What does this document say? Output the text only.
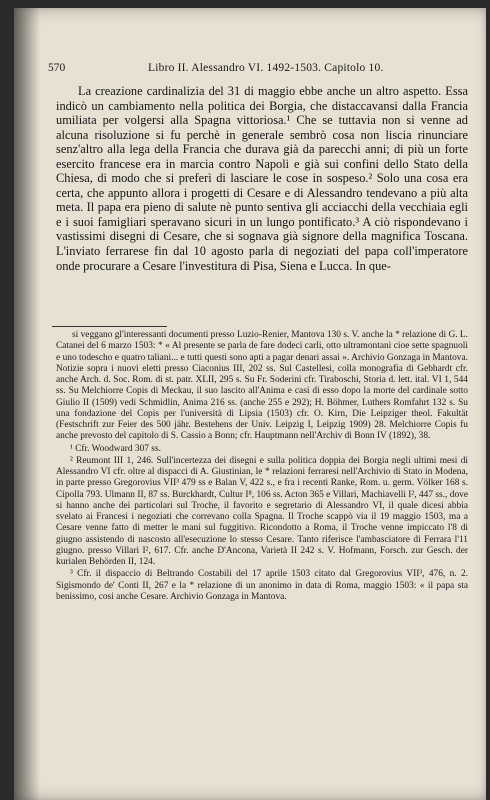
570	Libro II. Alessandro VI. 1492-1503. Capitolo 10.
La creazione cardinalizia del 31 di maggio ebbe anche un altro aspetto. Essa indicò un cambiamento nella politica dei Borgia, che distaccavansi dalla Francia umiliata per volgersi alla Spagna vittoriosa.¹ Che se tuttavia non si venne ad alcuna risoluzione si fu perchè in generale sembrò cosa non liscia rinunciare senz'altro alla lega della Francia che durava già da parecchi anni; di più un forte esercito francese era in marcia contro Napoli e già sui confini dello Stato della Chiesa, di modo che si preferì di lasciare le cose in sospeso.² Solo una cosa era certa, che appunto allora i progetti di Cesare e di Alessandro tendevano a più alta meta. Il papa era pieno di salute nè punto sentiva gli acciacchi della vecchiaia egli e i suoi famigliari speravano sicuri in un lungo pontificato.³ A ciò rispondevano i vastissimi disegni di Cesare, che si sognava già signore della magnifica Toscana. L'inviato ferrarese fin dal 10 agosto parla di negoziati del papa coll'imperatore onde procurare a Cesare l'investitura di Pisa, Siena e Lucca. In que-

si veggano gl'interessanti documenti presso Luzio-Renier, Mantova 130 s. V. anche la * relazione di G. L. Catanei del 6 marzo 1503: * « Al presente se parla de fare dodeci carli, otto ultramontani cioe sette spagnuoli e uno todescho e quatro taliani... e tutti questi sono apti a pagar denari assai ». Archivio Gonzaga in Mantova. Notizie sopra i nuovi eletti presso Ciaconius III, 202 ss. Sul Castellesi, colla monografia di Gebhardt cfr. anche Arch. d. Soc. Rom. di st. patr. XLII, 295 s. Su Fr. Soderini cfr. Tiraboschi, Storia d. lett. ital. VI 1, 544 ss. Su Melchiorre Copis di Meckau, il suo lascito all'Anima e casi di esso dopo la morte del cardinale sotto Giulio II (1509) vedi Schmidlin, Anima 216 ss. (anche 255 e 292); H. Böhmer, Luthers Romfahrt 132 s. Su una fondazione del Copis per l'università di Lipsia (1503) cfr. O. Kirn, Die Leipziger theol. Fakultät (Festschrift zur Feier des 500 jähr. Bestehens der Univ. Leipzig I, Leipzig 1909) 28. Melchiorre Copis fu anche prevosto del capitolo di S. Cassio a Bonn; cfr. Hauptmann nell'Archiv di Bonn IV (1892), 38.

¹ Cfr. Woodward 307 ss.

² Reumont III 1, 246. Sull'incertezza dei disegni e sulla politica doppia dei Borgia negli ultimi mesi di Alessandro VI cfr. oltre al dispacci di A. Giustinian, le * relazioni ferraresi nell'Archivio di Stato in Modena, in parte presso Gregorovius VII³ 479 ss e Balan V, 422 s., e fra i recenti Ranke, Rom. u. germ. Völker 168 s. Cipolla 793. Ulmann II, 87 ss. Burckhardt, Cultur I⁸, 106 ss. Acton 365 e Villari, Machiavelli I², 447 ss., dove si hanno anche dei particolari sul Troche, il favorito e segretario di Alessandro VI, il quale dicesi abbia svelato ai Francesi i negoziati che correvano colla Spagna. Il Troche scappò via il 19 maggio 1503, ma a Cesare venne fatto di metter le mani sul fuggitivo. Ricondotto a Roma, il Troche venne impiccato l'8 di giugno assistendo di nascosto all'esecuzione lo stesso Cesare. Tanto riferisce l'ambasciatore di Ferrara l'11 giugno. presso Villari I², 617. Cfr. anche D'Ancona, Varietà II 242 s. V. Hofmann, Forsch. zur Gesch. der kurialen Behörden II, 124.

³ Cfr. il dispaccio di Beltrando Costabili del 17 aprile 1503 citato dal Gregorovius VII³, 476, n. 2. Sigismondo de' Conti II, 267 e la * relazione di un anonimo in data di Roma, maggio 1503: « il papa sta benissimo, cosi anche Cesare. Archivio Gonzaga in Mantova.
